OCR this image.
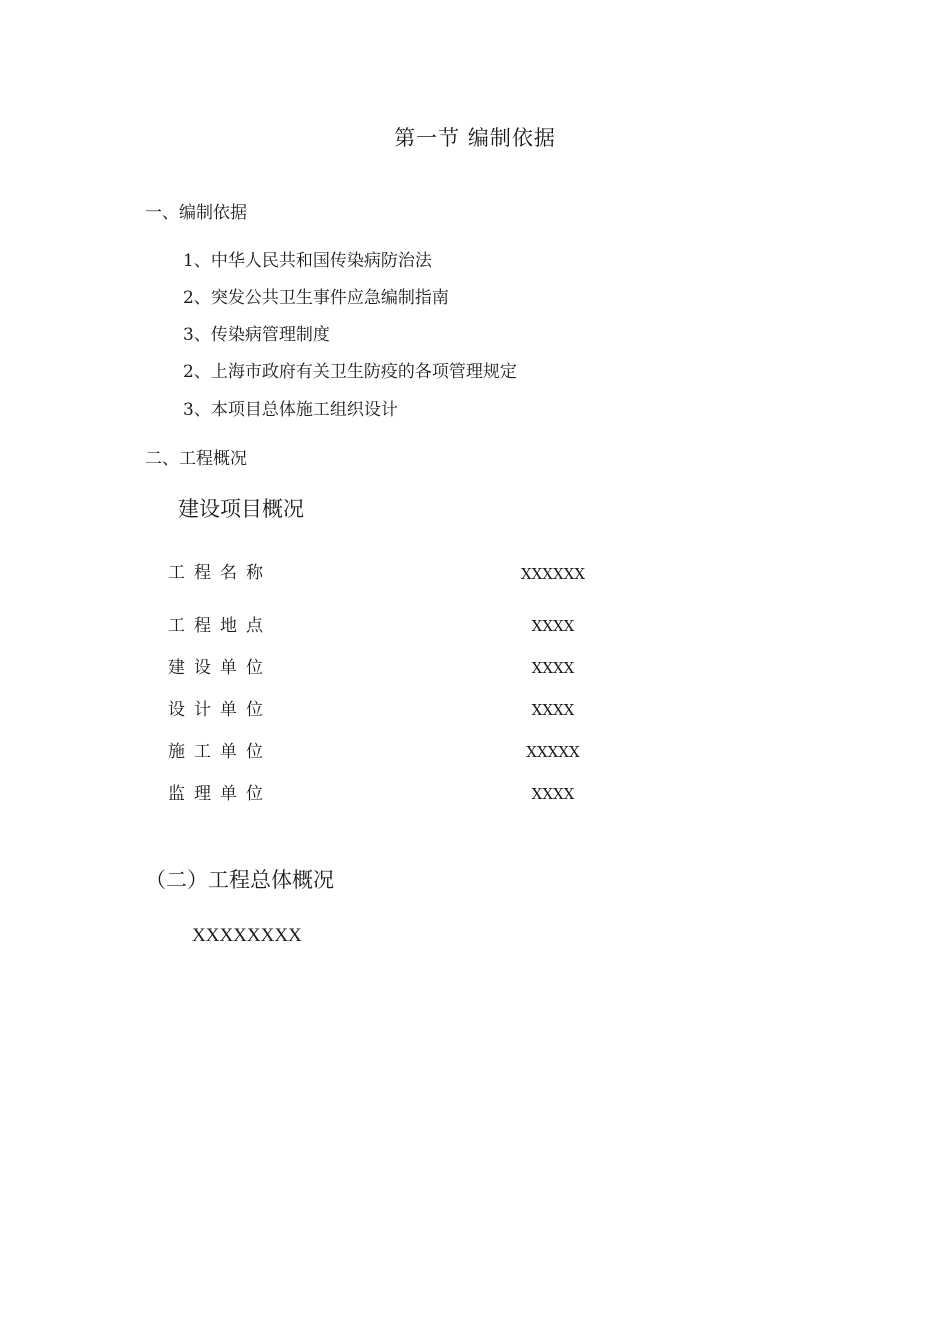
第一节 编制依据
一、编制依据
1、中华人民共和国传染病防治法
2、突发公共卫生事件应急编制指南
3、传染病管理制度
2、上海市政府有关卫生防疫的各项管理规定
3、本项目总体施工组织设计
二、工程概况
建设项目概况
工程名称	XXXXXX
工程地点	XXXX
建设单位	XXXX
设计单位	XXXX
施工单位	XXXXX
监理单位	XXXX
（二）工程总体概况
XXXXXXXX
